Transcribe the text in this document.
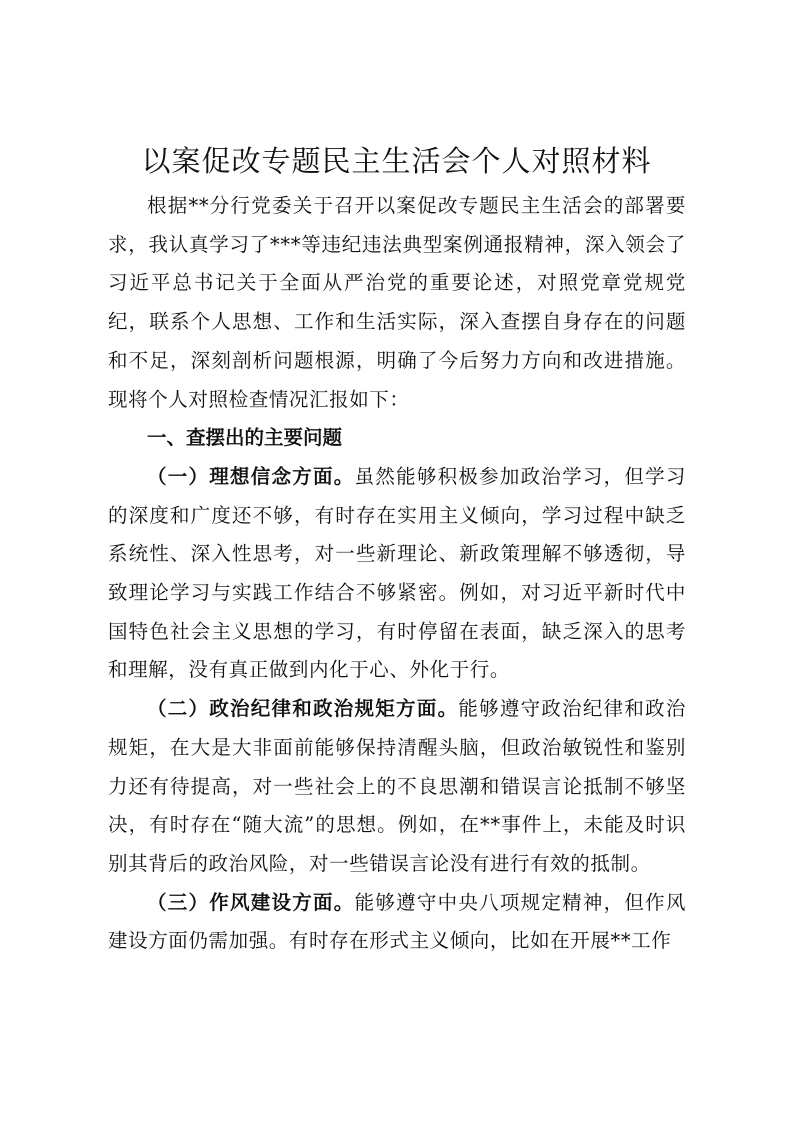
以案促改专题民主生活会个人对照材料

根据**分行党委关于召开以案促改专题民主生活会的部署要求，我认真学习了***等违纪违法典型案例通报精神，深入领会了习近平总书记关于全面从严治党的重要论述，对照党章党规党纪，联系个人思想、工作和生活实际，深入查摆自身存在的问题和不足，深刻剖析问题根源，明确了今后努力方向和改进措施。现将个人对照检查情况汇报如下：

一、查摆出的主要问题

（一）理想信念方面。虽然能够积极参加政治学习，但学习的深度和广度还不够，有时存在实用主义倾向，学习过程中缺乏系统性、深入性思考，对一些新理论、新政策理解不够透彻，导致理论学习与实践工作结合不够紧密。例如，对习近平新时代中国特色社会主义思想的学习，有时停留在表面，缺乏深入的思考和理解，没有真正做到内化于心、外化于行。

（二）政治纪律和政治规矩方面。能够遵守政治纪律和政治规矩，在大是大非面前能够保持清醒头脑，但政治敏锐性和鉴别力还有待提高，对一些社会上的不良思潮和错误言论抵制不够坚决，有时存在“随大流”的思想。例如，在**事件上，未能及时识别其背后的政治风险，对一些错误言论没有进行有效的抵制。

（三）作风建设方面。能够遵守中央八项规定精神，但作风建设方面仍需加强。有时存在形式主义倾向，比如在开展**工作
